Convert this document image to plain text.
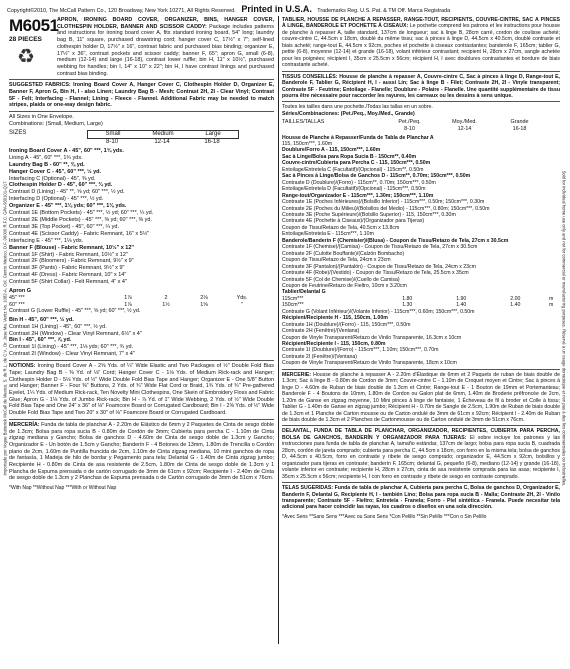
Copyright©2010, The McCall Pattern Co., 120 Broadway, New York 10271, All Rights Reserved. Printed in U.S.A. Trademarks Reg. U.S. Pat. & TM Off. Marca Registrada
Importado por Vogue Butterick McCall de Mexico, S. de R.L. de C.V., Dr. Jose Ma. Vertiz No. 1082-A, Col. Centro Mexico, D.F. 06000 R.F.C. GPA-930101-Q17	Sold for individual home use only and not for commercial or manufacturing purposes. Réservé à un usage domestique et non pas à des fins commerciales ou industrielles.
M6051
28 PIECES
♻
APRON, IRONING BOARD COVER, ORGANIZER, BINS, HANGER COVER, CLOTHESPIN HOLDER, BANNER AND SCISSOR CADDY: Package includes patterns and instructions for ironing board cover A, fits standard ironing board, 54" long; laundry bag B, 11" square, purchased drawstring cord; hanger cover C, 17½" x 7"; self-lined clothespin holder D, 17½" x 16", contrast fabric and purchased bias binding; organizer E, 17½" x 36", contrast pockets and scissor caddy; banner F, 65"; apron G, small (6-8), medium (12-14) and large (16-18), contrast lower ruffle; bin H, 11" x 10½", purchased webbing for handles; bin I, 14" x 10" x 22"; bin H, I have contrast linings and purchased contrast bias binding.
SUGGESTED FABRICS: Ironing Board Cover A, Hanger Cover C, Clothespin Holder D, Organizer E, Banner F, Apron G, Bin H, I - also Linen; Laundry Bag B - Mesh; Contrast 2H, 2I - Clear Vinyl; Contrast 5F - Felt; Interfacing - Flannel; Lining - Fleece - Flannel. Additional Fabric may be needed to match stripes, plaids or one-way design fabric.
All Sizes in One Envelope.
Combinations: (Small, Medium, Large)
SIZES	Small	Medium	Large
8-10	12-14	16-18
Ironing Board Cover A - 45", 60" ***, 1¾ yds.
Lining A - 45", 60" ***, 1¾ yds.
Laundry Bag B - 60" **, ⅜ yd.
Hanger Cover C - 45", 60" ***, ½ yd.
Interfacing C (Optional) - 45", ⅜ yd.
Clothespin Holder D - 45", 60" ***, ¾ yd.
Contrast D (Lining) - 45" **, ⅝ yd; 60" ***, ½ yd.
Interfacing D (Optional) - 45" ***, ½ yd.
Organizer E - 45" ***, 1⅛ yds; 60" ***, 1⅛ yds.
Contrast 1E (Bottom Pockets) - 45" ***, ½ yd; 60" ***, ¼ yd.
Contrast 2E (Middle Pockets) - 45" ***, ⅜ yd; 60" ***, ⅜ yd.
Contrast 3E (Top Pocket) - 45", 60" ***, ¼ yd.
Contrast 4E (Scissor Caddy) - Fabric Remnant, 16" x 5½"
Interfacing E - 45" ***, 1⅛ yds.
Banner F (Blouse) - Fabric Remnant, 10½" x 12"
Contrast 1F (Shirt) - Fabric Remnant, 10½" x 12"
Contrast 2F (Bloomers) - Fabric Remnant, 9½" x 9"
Contrast 3F (Pants) - Fabric Remnant, 9½" x 9"
Contrast 4F (Dress) - Fabric Remnant, 10" x 14"
Contrast 5F (Shirt Collar) - Felt Remnant, 4" x 4"
Apron G
45" ***	1⅞	2	2⅛	Yds.
60" ***	1⅞	1½	1⅝	"
Contrast G (Lower Ruffle) - 45" ***, ⅝ yd; 60" ***, ½ yd.
Bin H - 45", 60" ***, ½ yd.
Contrast 1H (Lining) - 45", 60" ***, ½ yd.
Contrast 2H (Window) - Clear Vinyl Remnant, 6½" x 4"
Bin I - 45", 60" ***, ⅞ yd.
Contrast 1I (Lining) - 45" ***, 1⅛ yds; 60" ***, ¾ yd.
Contrast 2I (Window) - Clear Vinyl Remnant, 7" x 4"
NOTIONS: Ironing Board Cover A - 2⅝ Yds. of ¼" Wide Elastic and Two Packages of ½" Double Fold Bias Tape; Laundry Bag B - ⅜ Yd. of ⅛" Cord; Hanger Cover C - 1⅛ Yds. of Medium Rick-rack and Hanger; Clothespin Holder D - 5⅛ Yds. of ½" Wide Double Fold Bias Tape and Hanger; Organizer E - One 5/8" Button and Hanger; Banner F - Four ⅜" Buttons, 2 Yds. of ¾" Wide Flat Cord or Braid, 1¾ Yds. of ¾" Pre-gathered Eyelet, 1¼ Yds. of Medium Rick-rack, Ten Novelty Mini Clothespins, One Skein of Embroidery Floss and Fabric Glue; Apron G - 1⅛ Yds. of Jumbo Rick-rack; Bin H - ⅞ Yd. of 1" Wide Webbing, 2 Yds. of ½" Wide Double Fold Bias Tape and One 24" x 36" of ⅛" Foamcore Board or Corrugated Cardboard; Bin I - 2⅝ Yds. of ½" Wide Double Fold Bias Tape and Two 20" x 30" of ⅛" Foamcore Board or Corrugated Cardboard.
MERCERÍA: Funda de tabla de planchar A - 2.20m de Elástico de 6mm y 2 Paquetes de Cinta de sesgo doble de 1.3cm; Bolsa para ropa sucia B - 0.80m de Cordón de 3mm; Cubierta para percha C - 1.10m de Cinta zigzag mediana y Gancho; Bolsa de ganchos D - 4.60m de Cinta de sesgo doble de 1.3cm y Gancho; Organizador E - Un botón de 1.5cm y Gancho; Banderín F - 4 Botones de 13mm, 1.80m de Trencilla o Cordón plano de 2cm, 1.60m de Puntilla fruncida de 2cm, 1.10m de Cinta zigzag mediana, 10 mini ganchos de ropa de fantasía, 1 Madeja de hilo de bordar y Pegamento para tela; Delantal G - 1.40m de Cinta zigzag jumbo; Recipiente H - 0.80m de Cinta de asa resistente de 2.5cm, 1.80m de Cinta de sesgo doble de 1.3cm y 1 Plancha de Espuma prensada o de cartón corrugado de 3mm de 61cm x 92cm; Recipiente I - 2.40m de Cinta de sesgo doble de 1.3cm y 2 Planchas de Espuma prensada o de Cartón corrugado de 3mm de 51cm x 76cm.
*With Nap **Without Nap ***With or Without Nap
TABLIER, HOUSSE DE PLANCHE A REPASSER, RANGE-TOUT, RECIPIENTS, COUVRE-CINTRE, SAC À PINCES À LINGE, BANDEROLE ET POCHETTE À CISEAUX: Le pochette comprend les patrons et les instructions pour housse de planche à repasser A, taille standard, 137cm de longueur; sac à linge B, 28cm carré, cordon de coulisse acheté; couvre-cintre C, 44.5cm x 18cm, doublé du même tissu; sac à pinces à linge D, 44.5cm x 40.5cm, doublé contraste et biais acheté; range-tout E, 44.5cm x 92cm, poches et pochette à ciseaux contrastantes; banderole F, 165cm; tablier G, petite (6-8), moyenne (12-14) et grande (16-18), volant inférieur contrastant; recipient H, 28cm x 27cm, sangle achetée pour les poignées; récipient I, 35cm x 25.5cm x 56cm; récipient H, I avec doublures contrastantes et bordure de biais contrastante acheté.
TISSUS CONSEILLÉS: Housse de planche à repasser A, Couvre-cintre C, Sac à pinces à linge D, Range-tout E, Banderole F, Tablier G, Récipient H, I - aussi Lin; Sac à linge B - Filet; Contraste 2H, 2I - Vinyle transparent; Contraste 5F - Feutrine; Entoilage - Flanelle; Doublure - Polaire - Flanelle. Une quantité supplémentaire de tissu pourra être nécessaire pour raccorder les rayures, les carreaux ou les dessins à sens unique.
Toutes les tailles dans une pochette./Todas las tallas en un sobre.
Séries/Combinaciones: (Pet./Peq., Moy./Med., Grande)
TAILLES/TALLAS	Pet./Peq.	Moy./Med.	Grande
8-10	12-14	16-18
Housse de Planche à Repasser/Funda de Tabla de Planchar A
115, 150cm***, 1.60m
Doublure/Forro A - 115, 150cm***, 1.60m
Sac à Linge/Bolsa para Ropa Sucia B - 150cm**, 0.40m
Couvre-cintre/Cubierta para Percha C - 115, 150cm***, 0.50m
Entoilage/Entretela C (Facultatif)/(Opcional) - 115cm**, 0.50m
Sac à Pinces à Linge/Bolsa de Ganchos D - 115cm**, 0.70m; 150cm***, 0.50m
Contraste D (Doublure)/(Forro) - 115cm**, 0.70m; 150cm***, 0.50m
Entoilage/Entretela D (Facultatif)/(Opcional) - 115cm***, 0.50m
Range-tout/Organizador E - 115cm***, 1.30m; 150cm***, 1.10m
Contraste 1E (Poches Inférieures)/(Bolsillo Inferior) - 115cm***, 0.50m; 150cm***, 0.30m
Contraste 2E (Poches du Milieu)/(Bolsillos del Medio) - 115cm***, 0.80m; 150cm***, 0.50m
Contraste 3E (Poche Supérieure)/(Bolsillo Superior) - 115, 150cm***, 0.30m
Contraste 4E (Pochette à Ciseaux)/(Organizador para Tijeras)
Coupon de Tissu/Retazo de Tela, 40.5cm x 13.8cm
Entoilage/Entretela E - 115cm***, 1.10m
Banderole/Banderín F (Chemisier)/(Blusa) - Coupon de Tissu/Retazo de Tela, 27cm x 30.5cm
Contraste 1F (Chemise)/(Camisa) - Coupon de Tissu/Retazo de Tela, 27cm x 30.5cm
Contraste 2F (Culotte Bouffante)/(Calzón Bombacho)
Coupon de Tissu/Retazo de Tela, 24cm x 23cm
Contraste 3F (Pantalon)/(Pantalón) - Coupon de Tissu/Retazo de Tela, 24cm x 23cm
Contraste 4F (Robe)/(Vestido) - Coupon de Tissu/Retazo de Tela, 25.5cm x 35cm
Contraste 5F (Col de Chemise)/(Cuello de Camisa)
Coupon de Feutrine/Retazo de Fieltro, 10cm x 3.20cm
Tablier/Delantal G
115cm***	1.80	1.90	2.00	m
150cm***	1.30	1.40	1.40	m
Contraste G (Volant Inférieur)/(Volante Inferior) - 115cm***, 0.60m; 150cm***, 0.50m
Récipient/Recipiente H - 115, 150cm, 1.00m
Contraste 1H (Doublure)/(Forro) - 115, 150cm***, 0.50m
Contraste 2H (Fenêtre)/(Ventana)
Coupon de Vinyle Transparent/Retazo de Vinilo Transparente, 16.3cm x 10cm
Récipient/Recipiente I - 115, 150cm, 0.80m
Contraste 1I (Doublure)/(Forro) - 115cm***, 1.10m; 150cm***, 0.70m
Contraste 2I (Fenêtre)/(Ventana)
Coupon de Vinyle Transparent/Retazo de Vinilo Transparente, 18cm x 10cm
MERCERIE: Housse de planche à repasser A - 2.20m d'Élastique de 6mm et 2 Paquets de ruban de biais double de 1.3cm; Sac à linge B - 0.80m de Cordon de 3mm; Couvre-cintre C - 1.10m de Croquet moyen et Cintre; Sac à pinces à linge D - 4.60m de Ruban de biais double de 1.3cm et Cintre; Range-tout E - 1 Bouton de 19mm et Portemanteau; Banderole F - 4 Boutons de 10mm, 1.80m de Cordon ou Galon plat de 6mm, 1.40m de Broderie prêfroncée de 2cm, 1.20m de Ganse en zigzag moyenne, 10 Mini pinces à linge de fantaisie, 1 Écheveau de fil à broder et Colle à tissu; Tablier G - 1.40m de Ganse en zigzag jumbo; Récipient H - 0.70m de Sangle de 2.5cm, 1.90m de Ruban de biais double de 1.3cm et 1 Planche de Carton mousse ou de Carton ondulé de 3mm de 61cm x 92cm; Récipient I - 2.40m de Ruban de biais double de 1.3cm et 2 Planches de Cartonmousse ou de Carton ondulé de 3mm de 51cm x 76cm.
DELANTAL, FUNDA DE TABLA DE PLANCHAR, ORGANIZADOR, RECIPIENTES, CUBIERTA PARA PERCHA, BOLSA DE GANCHOS, BANDERÍN Y ORGANIZADOR PARA TIJERAS: El sobre incluye los patrones y las instrucciones para funda de tabla de planchar A, tamaño estándar, 137cm de largo; bolsa para ropa sucia B, cuadrada 28cm, cordón de jareta comprado; cubierta para percha C, 44.5cm x 18cm, con forro en la misma tela; bolsa de ganchos D, 44.5cm x 40.5cm, forro en contraste y ribete de sesgo comprado; organizador E, 44.5cm x 92cm, bolsillos y organizador para tijeras en contraste; banderín F, 165cm; delantal G, pequeño (6-8), mediano (12-14) y grande (16-18), volante inferior en contraste; recipiente H, 28cm x 27cm, cinta de asa resistente comprada para las asas; recipiente I, 35cm x 25.5cm x 56cm; recipiente H, I con forro en contraste y ribete de sesgo en contraste comprado.
TELAS SUGERIDAS: Funda de tabla de planchar A, Cubierta para percha C, Bolsa de ganchos D, Organizador E, Banderín F, Delantal G, Recipiente H, I - también Lino; Bolsa para ropa sucia B - Malla; Contraste 2H, 2I - Vinilo transparente; Contraste 5F - Fieltro; Entretela - Franela; Forro - Piel sintética - Franela. Puede necesitar tela adicional para hacer coincidir las rayas, los cuadros o diseños en una sola dirección.
*Avec Sens **Sans Sens ***Avec ou Sans Sens *Con Pelillo **Sin Pelillo ***Con o Sin Pelillo
